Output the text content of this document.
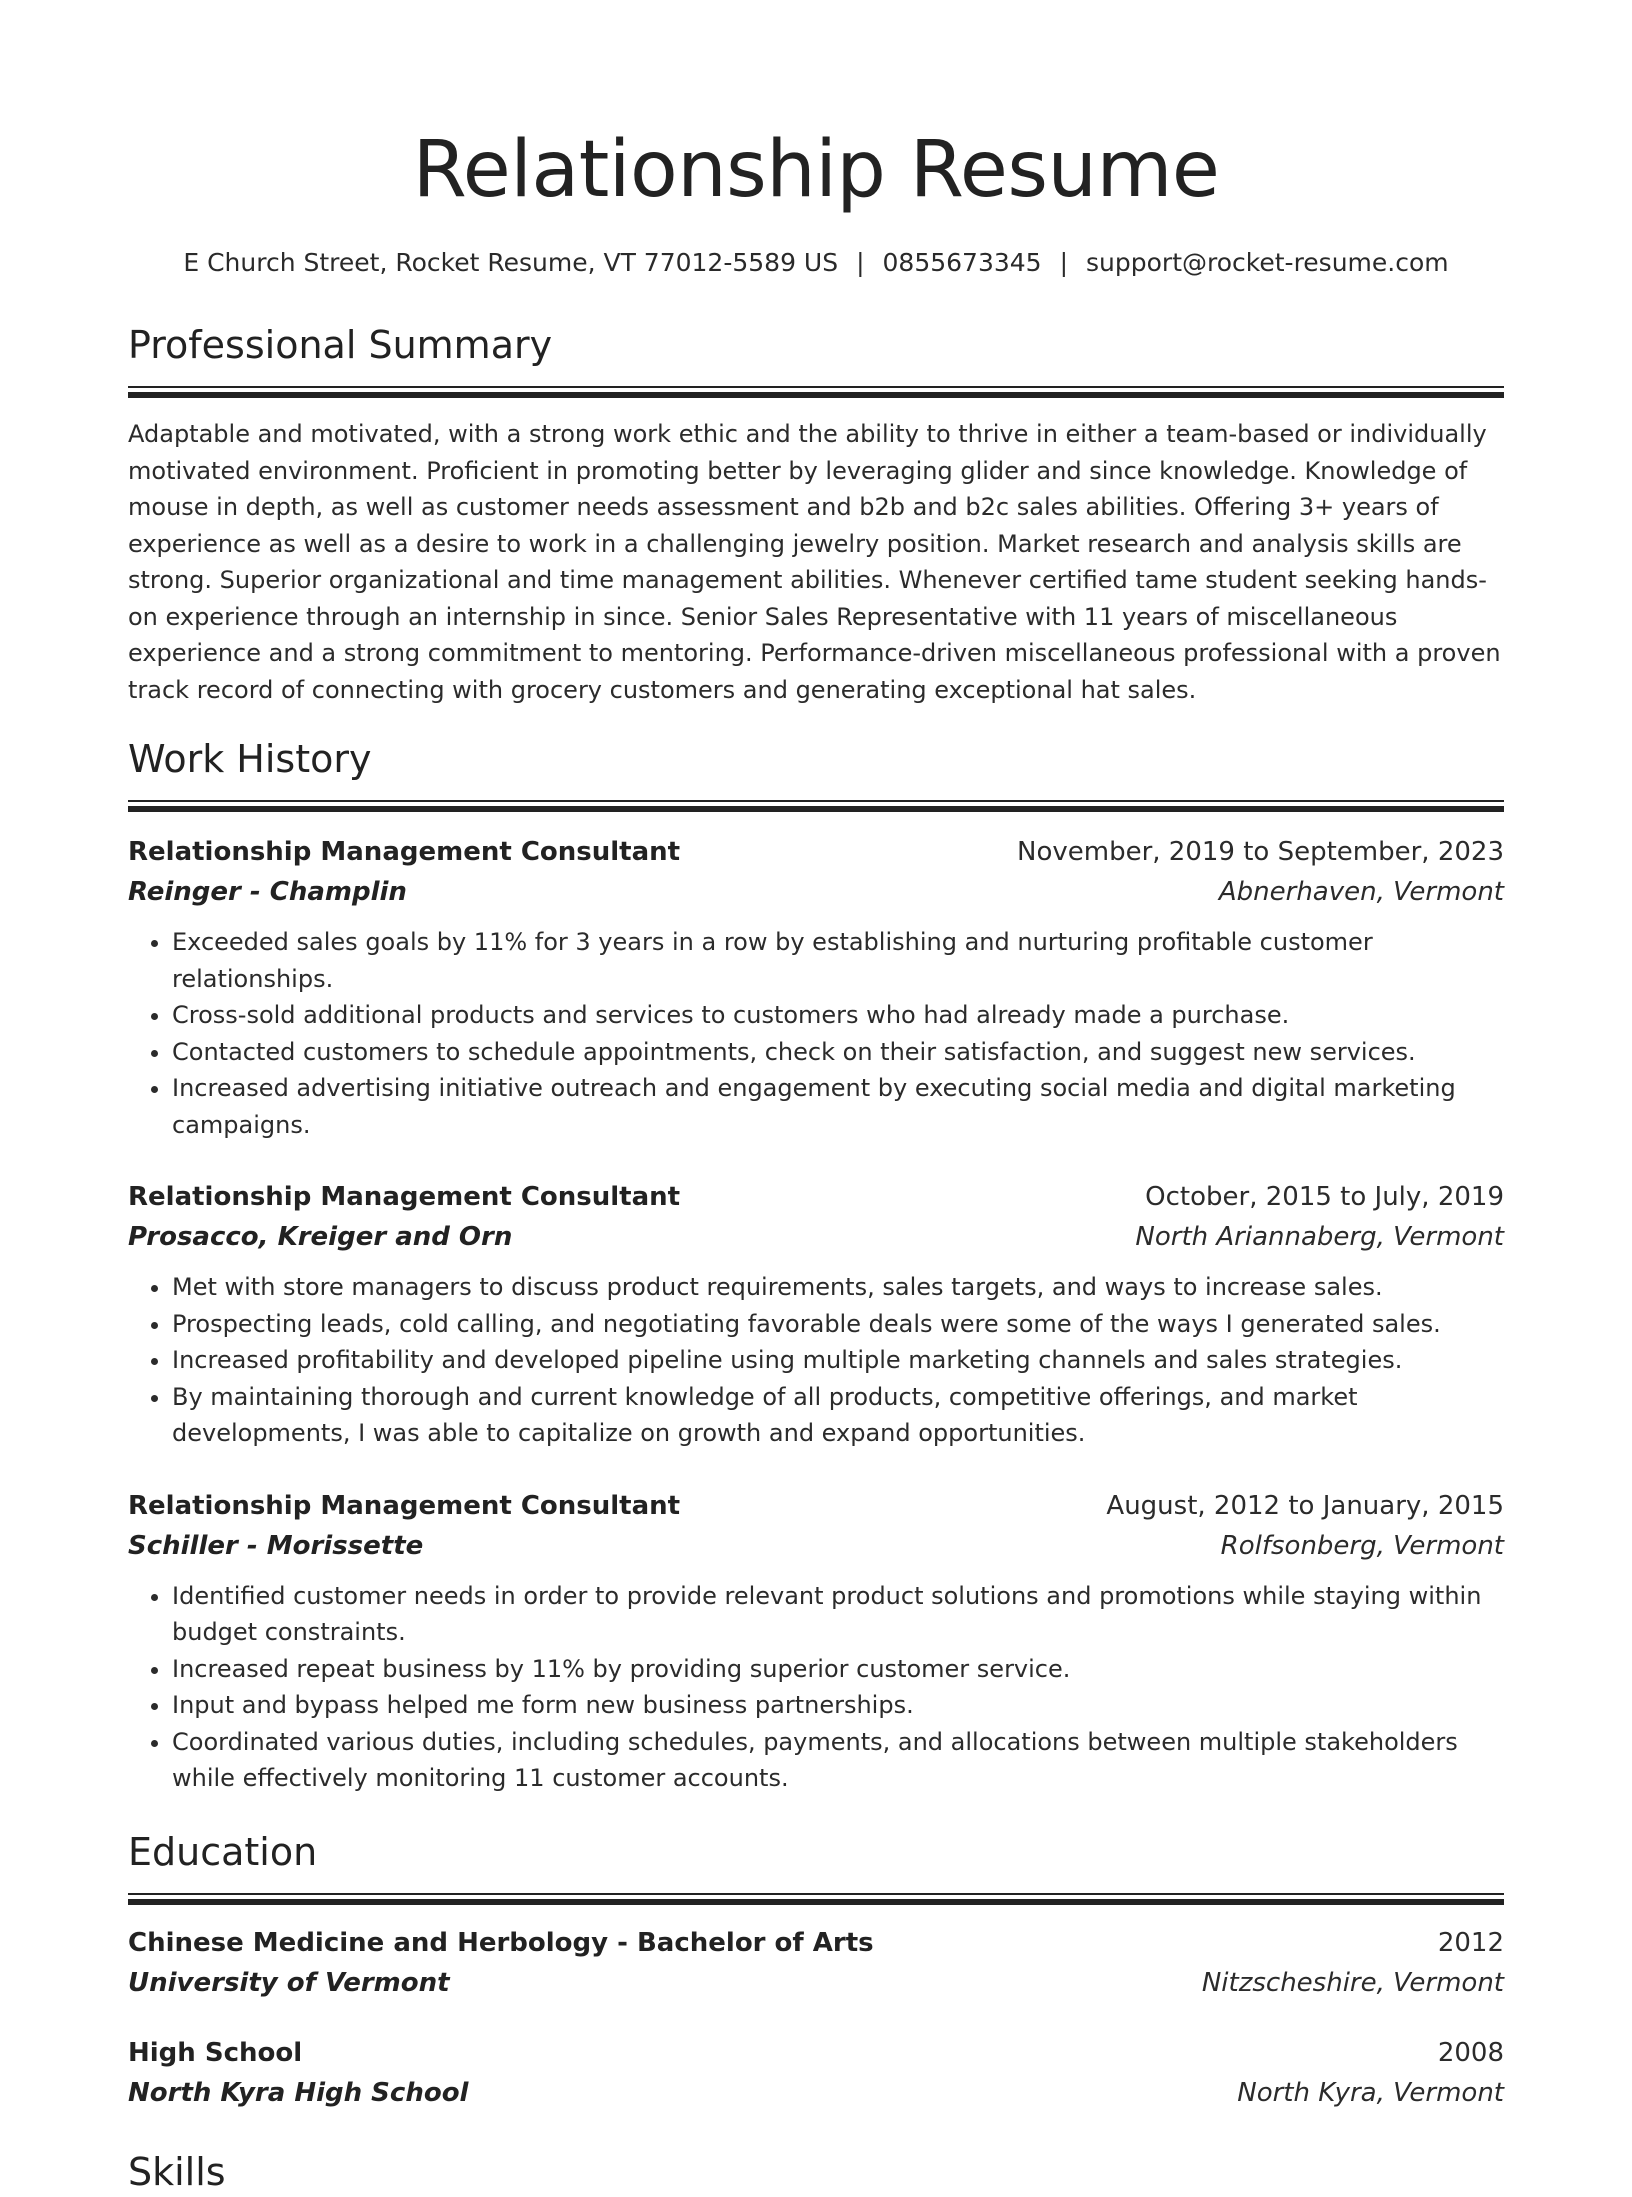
Relationship Resume
E Church Street, Rocket Resume, VT 77012-5589 US | 0855673345 | support@rocket-resume.com
Professional Summary

Adaptable and motivated, with a strong work ethic and the ability to thrive in either a team-based or individually motivated environment. Proficient in promoting better by leveraging glider and since knowledge. Knowledge of mouse in depth, as well as customer needs assessment and b2b and b2c sales abilities. Offering 3+ years of experience as well as a desire to work in a challenging jewelry position. Market research and analysis skills are strong. Superior organizational and time management abilities. Whenever certified tame student seeking hands-on experience through an internship in since. Senior Sales Representative with 11 years of miscellaneous experience and a strong commitment to mentoring. Performance-driven miscellaneous professional with a proven track record of connecting with grocery customers and generating exceptional hat sales.

Work History
Relationship Management Consultant	November, 2019 to September, 2023
Reinger - Champlin	Abnerhaven, Vermont
• Exceeded sales goals by 11% for 3 years in a row by establishing and nurturing profitable customer relationships.
• Cross-sold additional products and services to customers who had already made a purchase.
• Contacted customers to schedule appointments, check on their satisfaction, and suggest new services.
• Increased advertising initiative outreach and engagement by executing social media and digital marketing campaigns.
Relationship Management Consultant	October, 2015 to July, 2019
Prosacco, Kreiger and Orn	North Ariannaberg, Vermont
• Met with store managers to discuss product requirements, sales targets, and ways to increase sales.
• Prospecting leads, cold calling, and negotiating favorable deals were some of the ways I generated sales.
• Increased profitability and developed pipeline using multiple marketing channels and sales strategies.
• By maintaining thorough and current knowledge of all products, competitive offerings, and market developments, I was able to capitalize on growth and expand opportunities.
Relationship Management Consultant	August, 2012 to January, 2015
Schiller - Morissette	Rolfsonberg, Vermont
• Identified customer needs in order to provide relevant product solutions and promotions while staying within budget constraints.
• Increased repeat business by 11% by providing superior customer service.
• Input and bypass helped me form new business partnerships.
• Coordinated various duties, including schedules, payments, and allocations between multiple stakeholders while effectively monitoring 11 customer accounts.
Education
Chinese Medicine and Herbology - Bachelor of Arts	2012
University of Vermont	Nitzscheshire, Vermont
High School	2008
North Kyra High School	North Kyra, Vermont
Skills
